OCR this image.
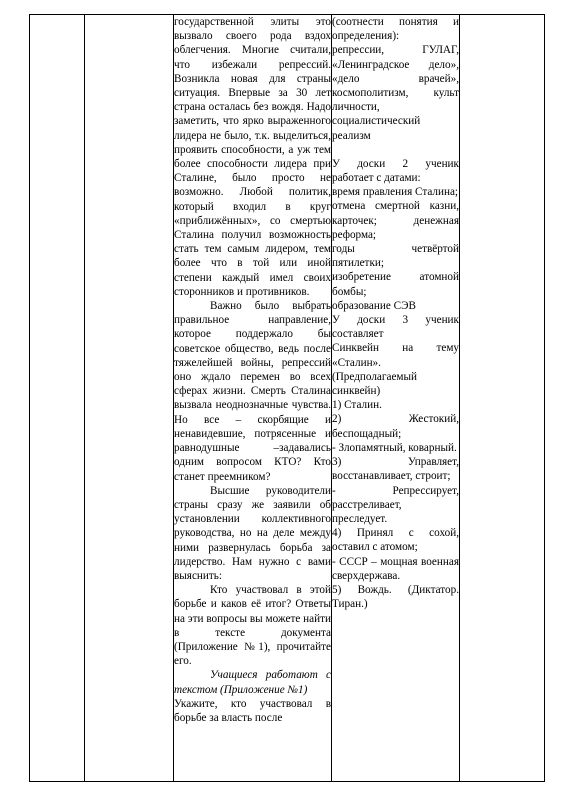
государственной элиты это вызвало своего рода вздох облегчения. Многие считали, что избежали репрессий. Возникла новая для страны ситуация. Впервые за 30 лет страна осталась без вождя. Надо заметить, что ярко выраженного лидера не было, т.к. выделиться, проявить способности, а уж тем более способности лидера при Сталине, было просто не возможно. Любой политик, который входил в круг «приближённых», со смертью Сталина получил возможность стать тем самым лидером, тем более что в той или иной степени каждый имел своих сторонников и противников.

Важно было выбрать правильное направление, которое поддержало бы советское общество, ведь после тяжелейшей войны, репрессий оно ждало перемен во всех сферах жизни. Смерть Сталина вызвала неоднозначные чувства. Но все – скорбящие и ненавидевшие, потрясенные и равнодушные –задавались одним вопросом КТО? Кто станет преемником?

Высшие руководители страны сразу же заявили об установлении коллективного руководства, но на деле между ними развернулась борьба за лидерство. Нам нужно с вами выяснить:

Кто участвовал в этой борьбе и каков её итог? Ответы на эти вопросы вы можете найти в тексте документа (Приложение №1), прочитайте его.

Учащиеся работают с текстом (Приложение №1)

Укажите, кто участвовал в борьбе за власть после

(соотнести понятия и определения):

репрессии, ГУЛАГ, «Ленинградское дело», «дело врачей», космополитизм, культ личности, социалистический реализм

У доски 2 ученик работает с датами:

время правления Сталина;

отмена смертной казни, карточек; денежная реформа;

годы четвёртой пятилетки;

изобретение атомной бомбы;

образование СЭВ

У доски 3 ученик составляет

Синквейн на тему «Сталин».

(Предполагаемый синквейн)

1) Сталин.

2) Жестокий, беспощадный;

- Злопамятный, коварный.

3) Управляет, восстанавливает, строит;

- Репрессирует, расстреливает, преследует.

4) Принял с сохой, оставил с атомом;

- СССР – мощная военная сверхдержава.

5) Вождь. (Диктатор. Тиран.)
